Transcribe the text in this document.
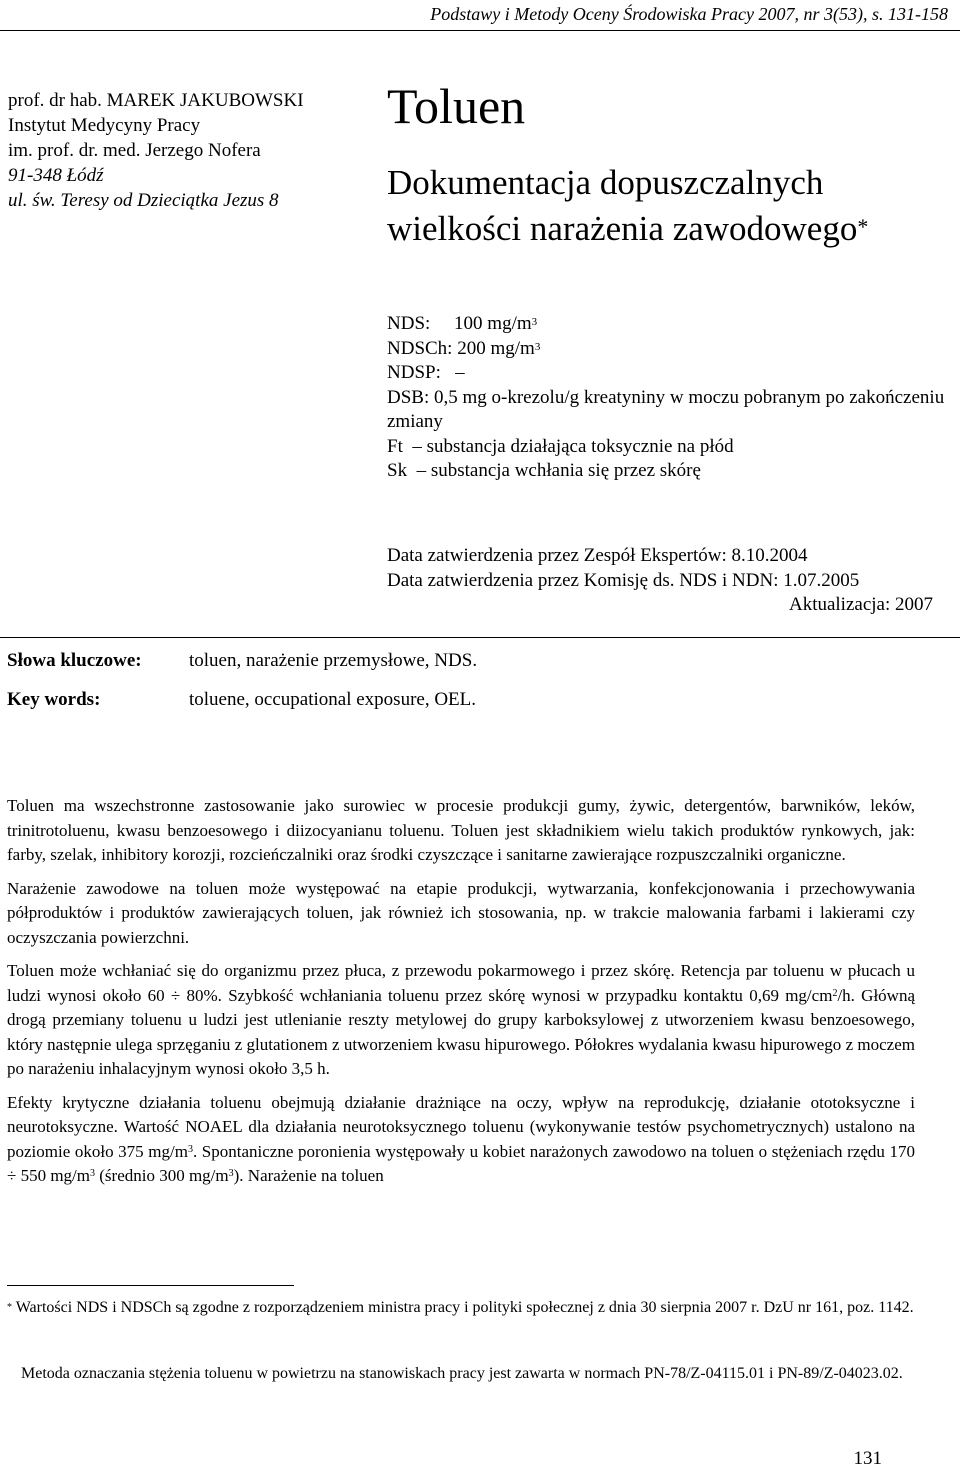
Podstawy i Metody Oceny Środowiska Pracy 2007, nr 3(53), s. 131-158
prof. dr hab. MAREK JAKUBOWSKI
Instytut Medycyny Pracy
im. prof. dr. med. Jerzego Nofera
91-348 Łódź
ul. św. Teresy od Dzieciątka Jezus 8
Toluen
Dokumentacja dopuszczalnych
wielkości narażenia zawodowego*
NDS:     100 $mg/m^3$
NDSCh: 200 $mg/m^3$
NDSP:   –
DSB: 0,5 mg o-krezolu/g kreatyniny w moczu pobranym po zakończeniu zmiany
Ft  – substancja działająca toksycznie na płód
Sk  – substancja wchłania się przez skórę
Data zatwierdzenia przez Zespół Ekspertów: 8.10.2004
Data zatwierdzenia przez Komisję ds. NDS i NDN: 1.07.2005
Aktualizacja: 2007
Słowa kluczowe: toluen, narażenie przemysłowe, NDS.
Key words:	toluene, occupational exposure, OEL.

Toluen ma wszechstronne zastosowanie jako surowiec w procesie produkcji gumy, żywic, detergentów, barwników, leków, trinitrotoluenu, kwasu benzoesowego i diizocyanianu toluenu. Toluen jest składnikiem wielu takich produktów rynkowych, jak: farby, szelak, inhibitory korozji, rozcieńczalniki oraz środki czyszczące i sanitarne zawierające rozpuszczalniki organiczne.

Narażenie zawodowe na toluen może występować na etapie produkcji, wytwarzania, konfekcjonowania i przechowywania półproduktów i produktów zawierających toluen, jak również ich stosowania, np. w trakcie malowania farbami i lakierami czy oczyszczania powierzchni.

Toluen może wchłaniać się do organizmu przez płuca, z przewodu pokarmowego i przez skórę. Retencja par toluenu w płucach u ludzi wynosi około 60 ÷ 80%. Szybkość wchłaniania toluenu przez skórę wynosi w przypadku kontaktu 0,69 $mg/cm^2/h$. Główną drogą przemiany toluenu u ludzi jest utlenianie reszty metylowej do grupy karboksylowej z utworzeniem kwasu benzoesowego, który następnie ulega sprzęganiu z glutationem z utworzeniem kwasu hipurowego. Półokres wydalania kwasu hipurowego z moczem po narażeniu inhalacyjnym wynosi około 3,5 h.

Efekty krytyczne działania toluenu obejmują działanie drażniące na oczy, wpływ na reprodukcję, działanie ototoksyczne i neurotoksyczne. Wartość NOAEL dla działania neurotoksycznego toluenu (wykonywanie testów psychometrycznych) ustalono na poziomie około 375 $mg/m^3$. Spontaniczne poronienia występowały u kobiet narażonych zawodowo na toluen o stężeniach rzędu 170 ÷ 550 $mg/m^3$ (średnio 300 $mg/m^3$). Narażenie na toluen

* Wartości NDS i NDSCh są zgodne z rozporządzeniem ministra pracy i polityki społecznej z dnia 30 sierpnia 2007 r. DzU nr 161, poz. 1142.
Metoda oznaczania stężenia toluenu w powietrzu na stanowiskach pracy jest zawarta w normach PN-78/Z-04115.01 i PN-89/Z-04023.02.
131
